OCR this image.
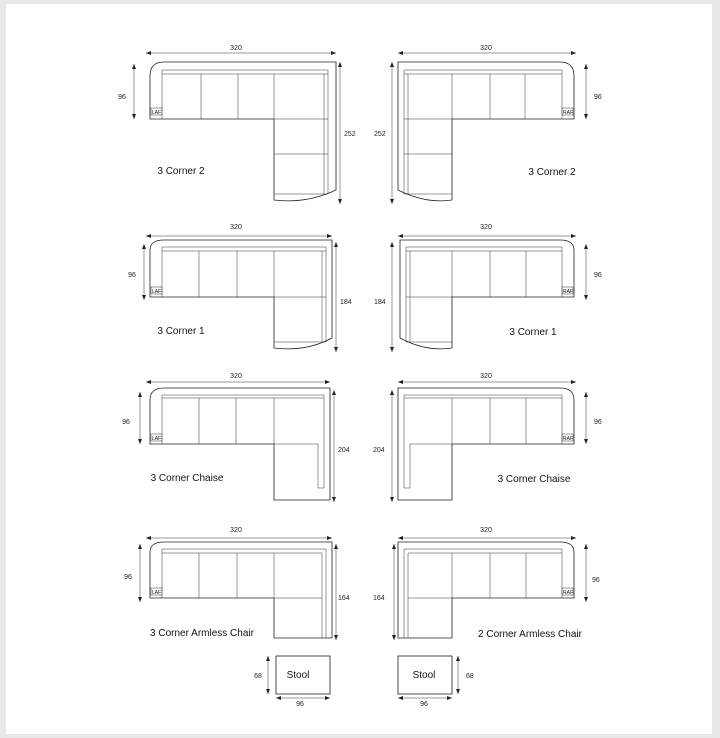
320
96
252
LAF
3 Corner 2
320
96
252
RAF
3 Corner 2
320
96
184
LAF
3 Corner 1
320
96
184
RAF
3 Corner 1
320
96
204
LAF
3 Corner Chaise
320
96
204
RAF
3 Corner Chaise
320
96
164
LAF
3 Corner Armless Chair
320
96
164
RAF
2 Corner Armless Chair
Stool
68
96
Stool	68
96
